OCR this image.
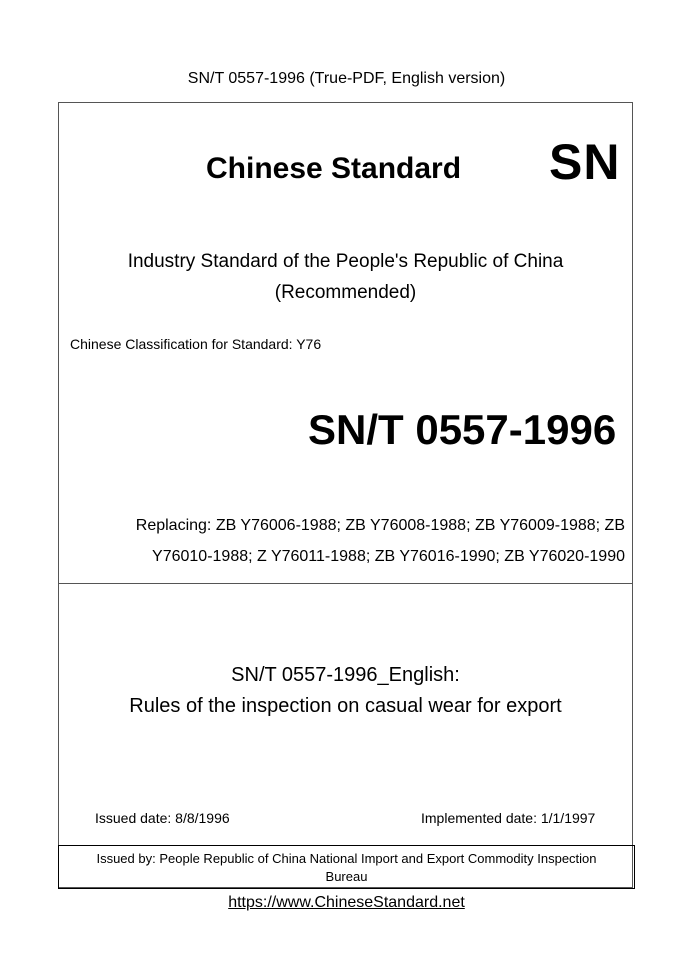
SN/T 0557-1996 (True-PDF, English version)
Chinese Standard SN
Industry Standard of the People's Republic of China
(Recommended)
Chinese Classification for Standard: Y76
SN/T 0557-1996
Replacing: ZB Y76006-1988; ZB Y76008-1988; ZB Y76009-1988; ZB
Y76010-1988; Z Y76011-1988; ZB Y76016-1990; ZB Y76020-1990
SN/T 0557-1996_English:
Rules of the inspection on casual wear for export
Issued date: 8/8/1996	Implemented date: 1/1/1997
Issued by: People Republic of China National Import and Export Commodity Inspection
Bureau
https://www.ChineseStandard.net
